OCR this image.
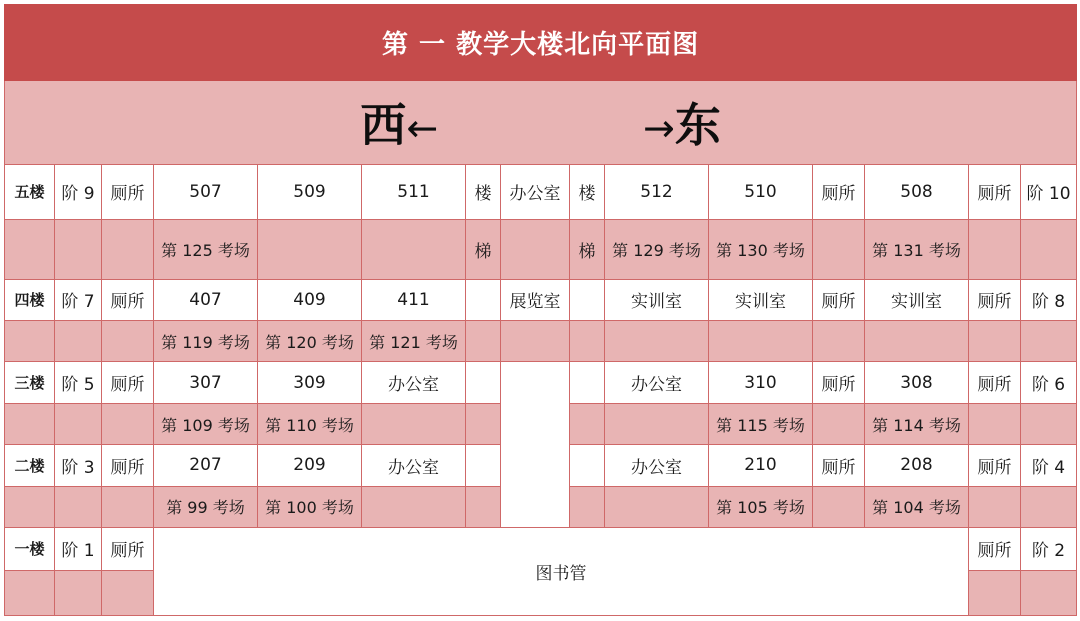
第 一 教学大楼北向平面图														
西← →东														
五楼	阶 9	厕所	507	509	511	楼	办公室	楼	512	510	厕所	508	厕所	阶 10
			第 125 考场			梯		梯	第 129 考场	第 130 考场		第 131 考场		
四楼	阶 7	厕所	407	409	411		展览室		实训室	实训室	厕所	实训室	厕所	阶 8
			第 119 考场	第 120 考场	第 121 考场									
三楼	阶 5	厕所	307	309	办公室				办公室	310	厕所	308	厕所	阶 6
			第 109 考场	第 110 考场						第 115 考场		第 114 考场		
二楼	阶 3	厕所	207	209	办公室				办公室	210	厕所	208	厕所	阶 4
			第 99 考场	第 100 考场						第 105 考场		第 104 考场		
一楼	阶 1	厕所	图书管										厕所	阶 2
